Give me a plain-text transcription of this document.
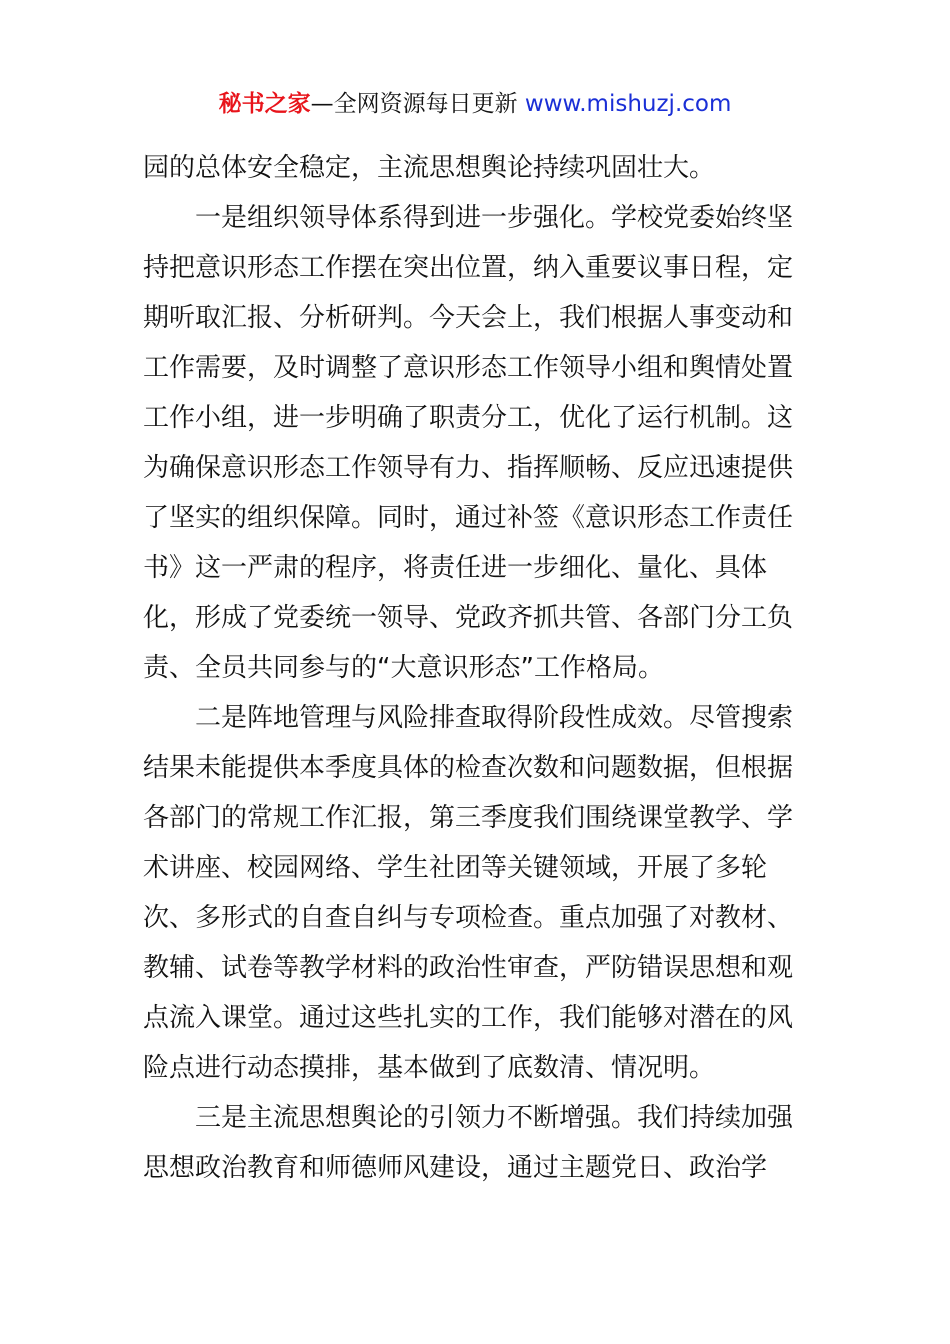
秘书之家—全网资源每日更新 www.mishuzj.com
园的总体安全稳定，主流思想舆论持续巩固壮大。
一是组织领导体系得到进一步强化。学校党委始终坚
持把意识形态工作摆在突出位置，纳入重要议事日程，定
期听取汇报、分析研判。今天会上，我们根据人事变动和
工作需要，及时调整了意识形态工作领导小组和舆情处置
工作小组，进一步明确了职责分工，优化了运行机制。这
为确保意识形态工作领导有力、指挥顺畅、反应迅速提供
了坚实的组织保障。同时，通过补签《意识形态工作责任
书》这一严肃的程序，将责任进一步细化、量化、具体
化，形成了党委统一领导、党政齐抓共管、各部门分工负
责、全员共同参与的“大意识形态”工作格局。
二是阵地管理与风险排查取得阶段性成效。尽管搜索
结果未能提供本季度具体的检查次数和问题数据，但根据
各部门的常规工作汇报，第三季度我们围绕课堂教学、学
术讲座、校园网络、学生社团等关键领域，开展了多轮
次、多形式的自查自纠与专项检查。重点加强了对教材、
教辅、试卷等教学材料的政治性审查，严防错误思想和观
点流入课堂。通过这些扎实的工作，我们能够对潜在的风
险点进行动态摸排，基本做到了底数清、情况明。
三是主流思想舆论的引领力不断增强。我们持续加强
思想政治教育和师德师风建设，通过主题党日、政治学
